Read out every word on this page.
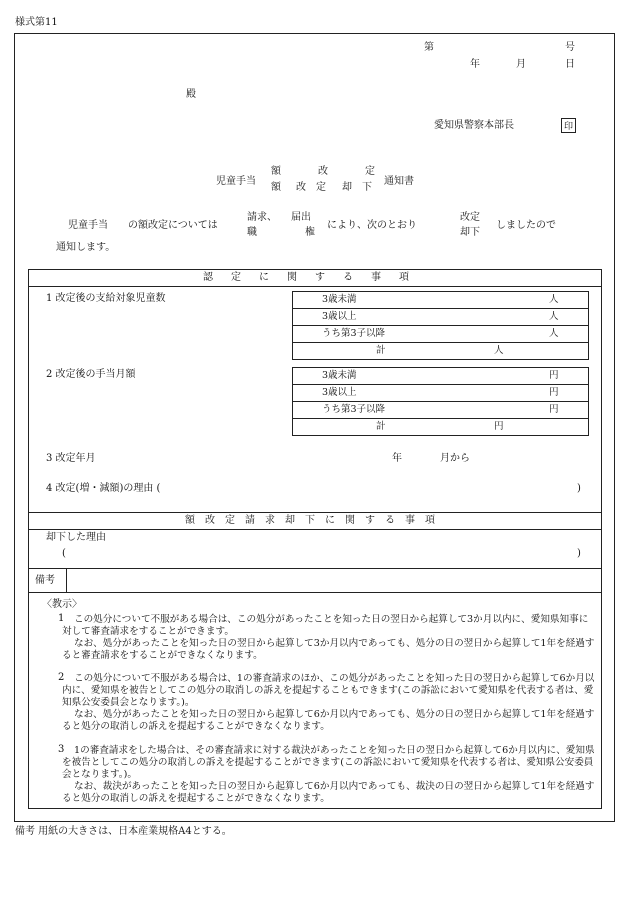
様式第11
第	号
年	月	日
殿
愛知県警察本部長	印
児童手当
額
額
改
改定
定
却下
通知書
児童手当 の額改定については
請求、
職
届出
権
により、次のとおり
改定
却下
しましたので
通知します。
認定に関する事項
1 改定後の支給対象児童数	3歳未満	人
3歳以上	人
うち第3子以降	人
計	人
2 改定後の手当月額	3歳未満	円
3歳以上	円
うち第3子以降	円
計	円
3 改定年月	年	月から
4 改定(増・減額)の理由 (	)
額改定請求却下に関する事項
却下した理由
(	)
備考
〈教示〉
1	この処分について不服がある場合は、この処分があったことを知った日の翌日から起算して3か月以内に、愛知県知事に対して審査請求をすることができます。

なお、処分があったことを知った日の翌日から起算して3か月以内であっても、処分の日の翌日から起算して1年を経過すると審査請求をすることができなくなります。

2	この処分について不服がある場合は、1の審査請求のほか、この処分があったことを知った日の翌日から起算して6か月以内に、愛知県を被告としてこの処分の取消しの訴えを提起することもできます(この訴訟において愛知県を代表する者は、愛知県公安委員会となります。)。

なお、処分があったことを知った日の翌日から起算して6か月以内であっても、処分の日の翌日から起算して1年を経過すると処分の取消しの訴えを提起することができなくなります。

3	1の審査請求をした場合は、その審査請求に対する裁決があったことを知った日の翌日から起算して6か月以内に、愛知県を被告としてこの処分の取消しの訴えを提起することができます(この訴訟において愛知県を代表する者は、愛知県公安委員会となります。)。

なお、裁決があったことを知った日の翌日から起算して6か月以内であっても、裁決の日の翌日から起算して1年を経過すると処分の取消しの訴えを提起することができなくなります。

備考 用紙の大きさは、日本産業規格A4とする。
